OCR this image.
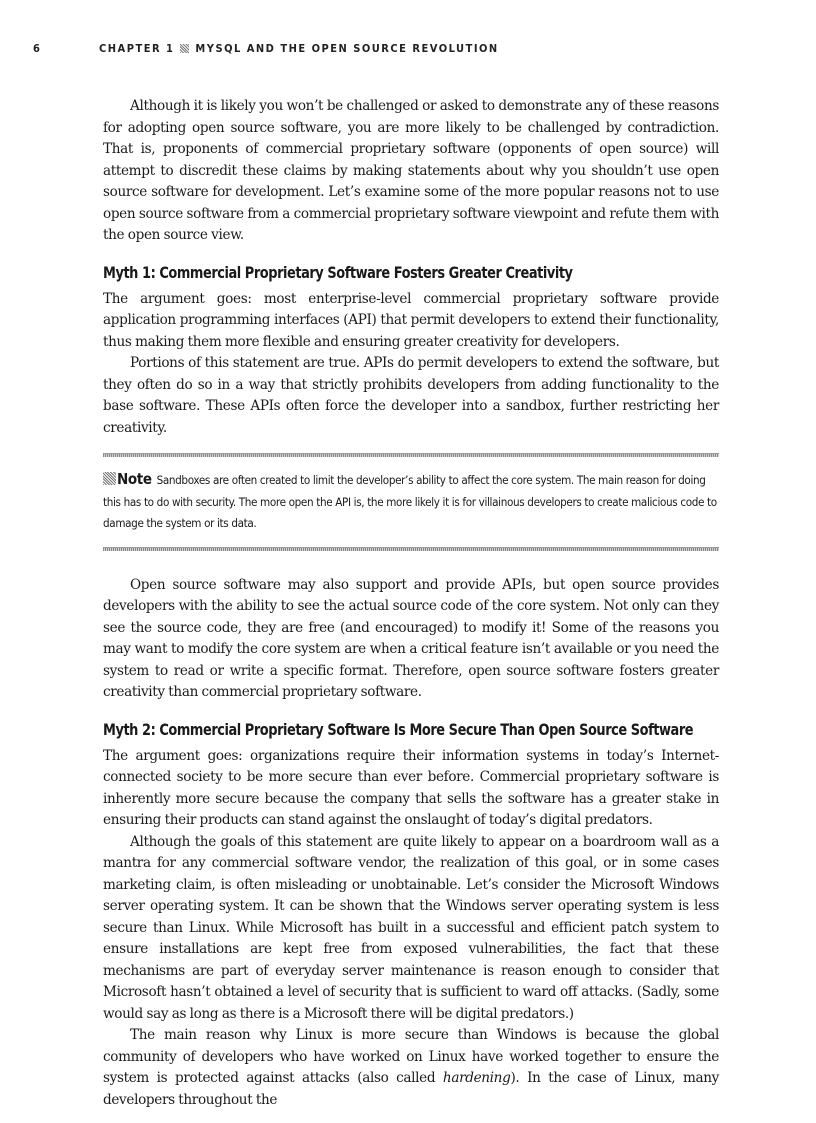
6	CHAPTER 1 MYSQL AND THE OPEN SOURCE REVOLUTION

Although it is likely you won’t be challenged or asked to demonstrate any of these reasons for adopting open source software, you are more likely to be challenged by contradiction. That is, proponents of commercial proprietary software (opponents of open source) will attempt to discredit these claims by making statements about why you shouldn’t use open source software for development. Let’s examine some of the more popular reasons not to use open source software from a commercial proprietary software viewpoint and refute them with the open source view.

Myth 1: Commercial Proprietary Software Fosters Greater Creativity

The argument goes: most enterprise-level commercial proprietary software provide application programming interfaces (API) that permit developers to extend their functionality, thus making them more flexible and ensuring greater creativity for developers.

Portions of this statement are true. APIs do permit developers to extend the software, but they often do so in a way that strictly prohibits developers from adding functionality to the base software. These APIs often force the developer into a sandbox, further restricting her creativity.

Note Sandboxes are often created to limit the developer’s ability to affect the core system. The main reason for doing this has to do with security. The more open the API is, the more likely it is for villainous developers to create malicious code to damage the system or its data.

Open source software may also support and provide APIs, but open source provides developers with the ability to see the actual source code of the core system. Not only can they see the source code, they are free (and encouraged) to modify it! Some of the reasons you may want to modify the core system are when a critical feature isn’t available or you need the system to read or write a specific format. Therefore, open source software fosters greater creativity than commercial proprietary software.

Myth 2: Commercial Proprietary Software Is More Secure Than Open Source Software

The argument goes: organizations require their information systems in today’s Internet-connected society to be more secure than ever before. Commercial proprietary software is inherently more secure because the company that sells the software has a greater stake in ensuring their products can stand against the onslaught of today’s digital predators.

Although the goals of this statement are quite likely to appear on a boardroom wall as a mantra for any commercial software vendor, the realization of this goal, or in some cases marketing claim, is often misleading or unobtainable. Let’s consider the Microsoft Windows server operating system. It can be shown that the Windows server operating system is less secure than Linux. While Microsoft has built in a successful and efficient patch system to ensure installations are kept free from exposed vulnerabilities, the fact that these mechanisms are part of everyday server maintenance is reason enough to consider that Microsoft hasn’t obtained a level of security that is sufficient to ward off attacks. (Sadly, some would say as long as there is a Microsoft there will be digital predators.)

The main reason why Linux is more secure than Windows is because the global community of developers who have worked on Linux have worked together to ensure the system is protected against attacks (also called hardening). In the case of Linux, many developers throughout the
